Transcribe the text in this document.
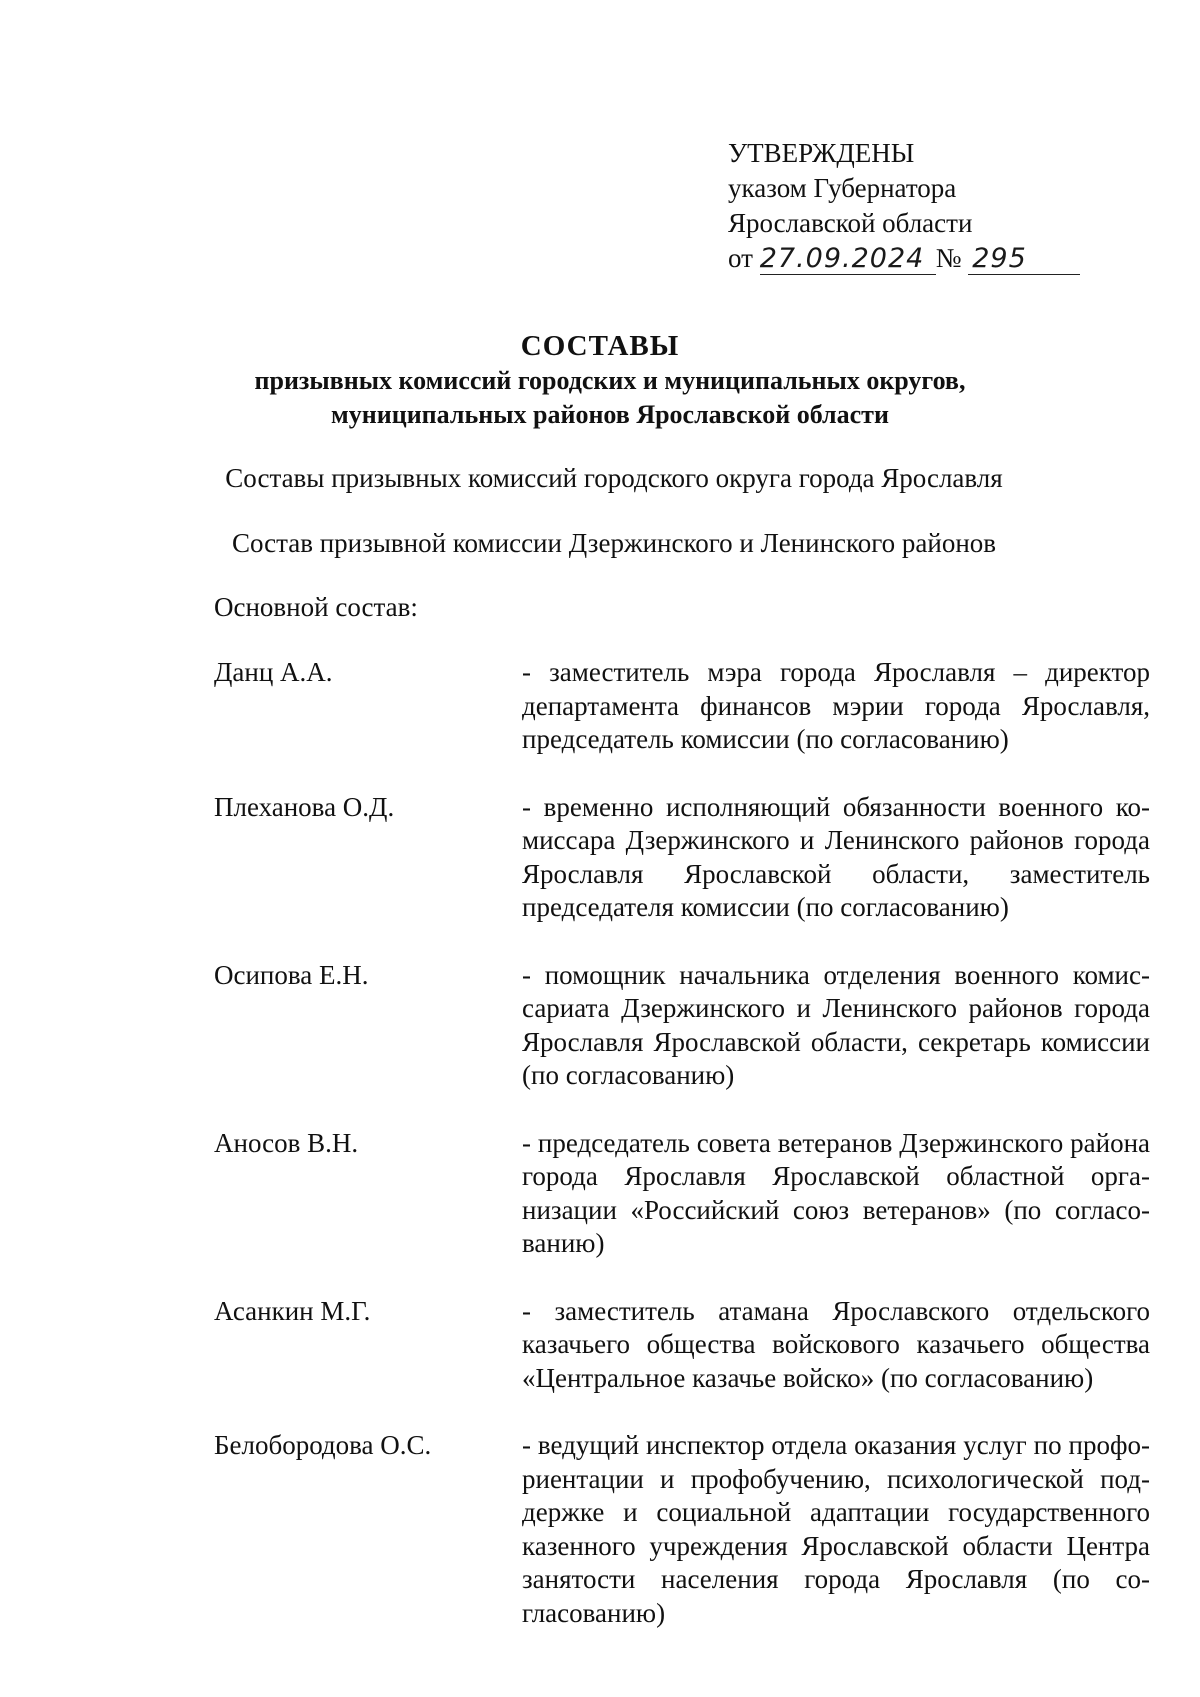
УТВЕРЖДЕНЫ
указом Губернатора
Ярославской области
от 27.09.2024 № 295
СОСТАВЫ
призывных комиссий городских и муниципальных округов,
муниципальных районов Ярославской области
Составы призывных комиссий городского округа города Ярославля
Состав призывной комиссии Дзержинского и Ленинского районов
Основной состав:
Данц А.А.	- заместитель мэра города Ярославля – директор департамента финансов мэрии города Ярославля, председатель комиссии (по согласованию)
Плеханова О.Д.	- временно исполняющий обязанности военного комиссара Дзержинского и Ленинского районов города Ярославля Ярославской области, заместитель председателя комиссии (по согласованию)
Осипова Е.Н.	- помощник начальника отделения военного комиссариата Дзержинского и Ленинского районов города Ярославля Ярославской области, секретарь комиссии (по согласованию)
Аносов В.Н.	- председатель совета ветеранов Дзержинского района города Ярославля Ярославской областной организации «Российский союз ветеранов» (по согласованию)
Асанкин М.Г.	- заместитель атамана Ярославского отдельского казачьего общества войскового казачьего общества «Центральное казачье войско» (по согласованию)
Белобородова О.С.	- ведущий инспектор отдела оказания услуг по профориентации и профобучению, психологической поддержке и социальной адаптации государственного казенного учреждения Ярославской области Центра занятости населения города Ярославля (по согласованию)
